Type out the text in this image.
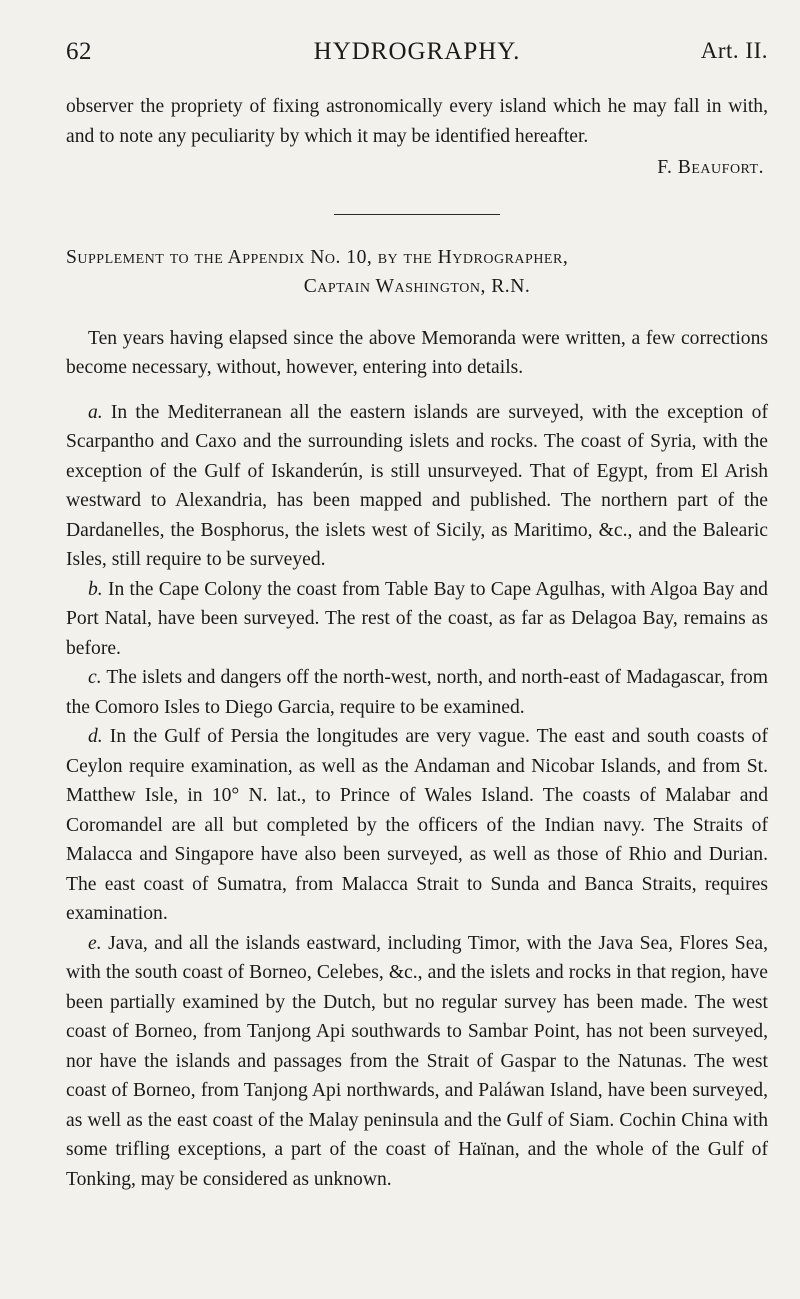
62	HYDROGRAPHY.	Art. II.

observer the propriety of fixing astronomically every island which he may fall in with, and to note any peculiarity by which it may be identified hereafter.

F. Beaufort.
Supplement to the Appendix No. 10, by the Hydrographer,
Captain Washington, R.N.

Ten years having elapsed since the above Memoranda were written, a few corrections become necessary, without, however, entering into details.

a. In the Mediterranean all the eastern islands are surveyed, with the exception of Scarpantho and Caxo and the surrounding islets and rocks. The coast of Syria, with the exception of the Gulf of Iskanderún, is still unsurveyed. That of Egypt, from El Arish westward to Alexandria, has been mapped and published. The northern part of the Dardanelles, the Bosphorus, the islets west of Sicily, as Maritimo, &c., and the Balearic Isles, still require to be surveyed.

b. In the Cape Colony the coast from Table Bay to Cape Agulhas, with Algoa Bay and Port Natal, have been surveyed. The rest of the coast, as far as Delagoa Bay, remains as before.

c. The islets and dangers off the north-west, north, and north-east of Madagascar, from the Comoro Isles to Diego Garcia, require to be examined.

d. In the Gulf of Persia the longitudes are very vague. The east and south coasts of Ceylon require examination, as well as the Andaman and Nicobar Islands, and from St. Matthew Isle, in 10° N. lat., to Prince of Wales Island. The coasts of Malabar and Coromandel are all but completed by the officers of the Indian navy. The Straits of Malacca and Singapore have also been surveyed, as well as those of Rhio and Durian. The east coast of Sumatra, from Malacca Strait to Sunda and Banca Straits, requires examination.

e. Java, and all the islands eastward, including Timor, with the Java Sea, Flores Sea, with the south coast of Borneo, Celebes, &c., and the islets and rocks in that region, have been partially examined by the Dutch, but no regular survey has been made. The west coast of Borneo, from Tanjong Api southwards to Sambar Point, has not been surveyed, nor have the islands and passages from the Strait of Gaspar to the Natunas. The west coast of Borneo, from Tanjong Api northwards, and Paláwan Island, have been surveyed, as well as the east coast of the Malay peninsula and the Gulf of Siam. Cochin China with some trifling exceptions, a part of the coast of Haïnan, and the whole of the Gulf of Tonking, may be considered as unknown.
